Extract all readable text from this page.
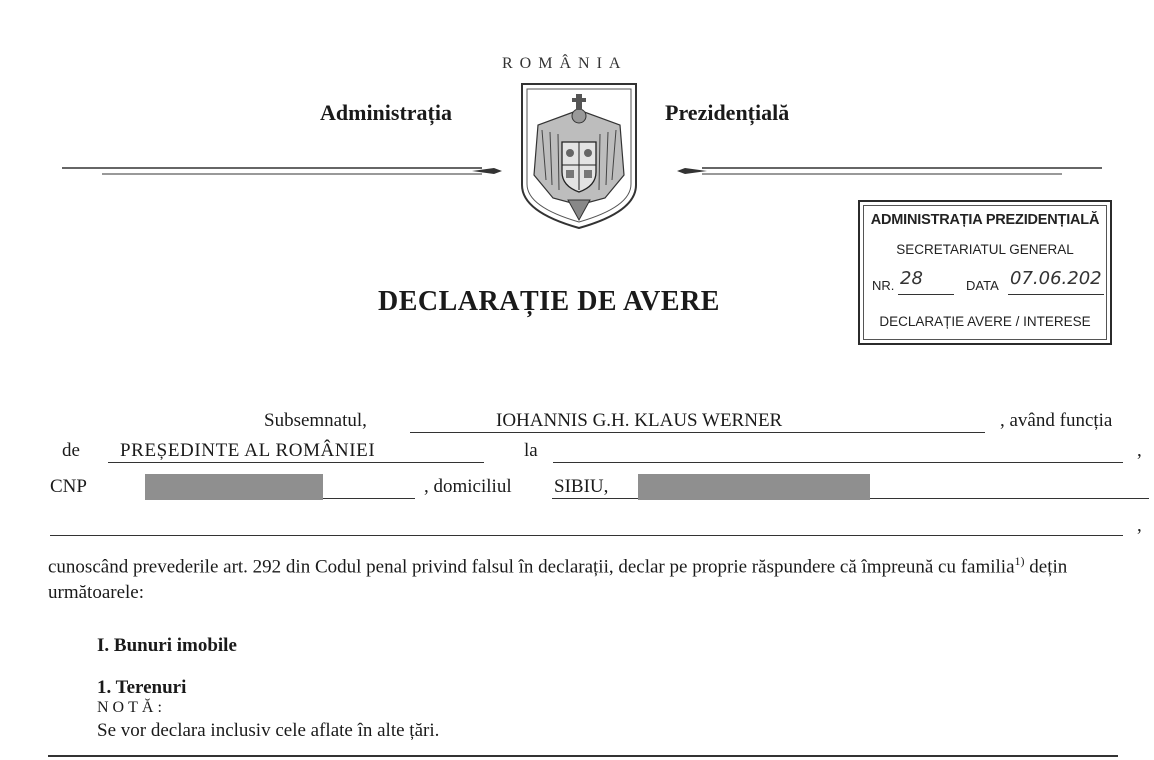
ROMÂNIA
Administrația	Prezidențială
DECLARAȚIE DE AVERE
ADMINISTRAȚIA PREZIDENȚIALĂ
SECRETARIATUL GENERAL
NR. 28	DATA 07.06.202
DECLARAȚIE AVERE / INTERESE
Subsemnatul,	IOHANNIS G.H. KLAUS WERNER	, având funcția
de	PREȘEDINTE AL ROMÂNIEI	la	,
CNP	, domiciliul SIBIU,
,
cunoscând prevederile art. 292 din Codul penal privind falsul în declarații, declar pe proprie răspundere că împreună cu familia$^{1)}$ dețin următoarele:
I. Bunuri imobile
1. Terenuri
NOTĂ:
Se vor declara inclusiv cele aflate în alte țări.
